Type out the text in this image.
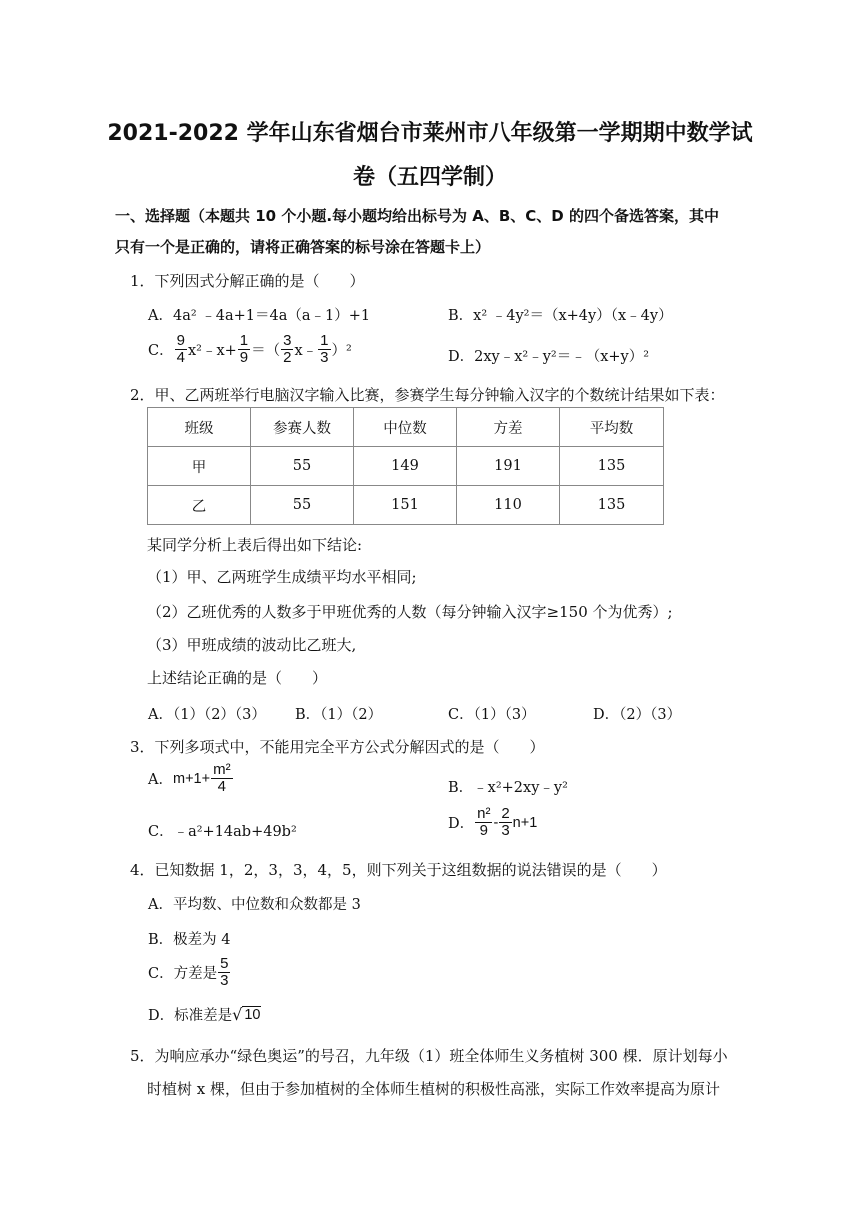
2021-2022 学年山东省烟台市莱州市八年级第一学期期中数学试
卷（五四学制）
一、选择题（本题共 10 个小题.每小题均给出标号为 A、B、C、D 的四个备选答案，其中
只有一个是正确的，请将正确答案的标号涂在答题卡上）
1．下列因式分解正确的是（　　）
A．4a² ﹣4a+1＝4a（a﹣1）+1	B．x² ﹣4y²＝（x+4y）（x﹣4y）
C． $\frac{9}{4}$ x²﹣x+ $\frac{1}{9}$ ＝（ $\frac{3}{2}$ x﹣ $\frac{1}{3} )^2$	D．2xy﹣x²﹣y²＝﹣（x+y）²
2．甲、乙两班举行电脑汉字输入比赛，参赛学生每分钟输入汉字的个数统计结果如下表：
班级	参赛人数	中位数	方差	平均数
甲	55	149	191	135
乙	55	151	110	135
某同学分析上表后得出如下结论:
（1）甲、乙两班学生成绩平均水平相同;
（2）乙班优秀的人数多于甲班优秀的人数（每分钟输入汉字≥150 个为优秀）;
（3）甲班成绩的波动比乙班大,
上述结论正确的是（　　）
A．（1）（2）（3） B．（1）（2）	C．（1）（3）	D．（2）（3）
3．下列多项式中，不能用完全平方公式分解因式的是（　　）
A． $m+1+ \frac{\text{m²}}{4}$	B．﹣x²+2xy﹣y²
C．﹣a²+14ab+49b²	D． $\frac{\text{n²}}{9} - \frac{2}{3} n+1$
4．已知数据 1，2，3，3，4，5，则下列关于这组数据的说法错误的是（　　）
A．平均数、中位数和众数都是 3
B．极差为 4
C．方差是 $\frac{5}{3}$
D．标准差是 √ 10
5．为响应承办“绿色奥运”的号召，九年级（1）班全体师生义务植树 300 棵．原计划每小
时植树 x 棵，但由于参加植树的全体师生植树的积极性高涨，实际工作效率提高为原计
